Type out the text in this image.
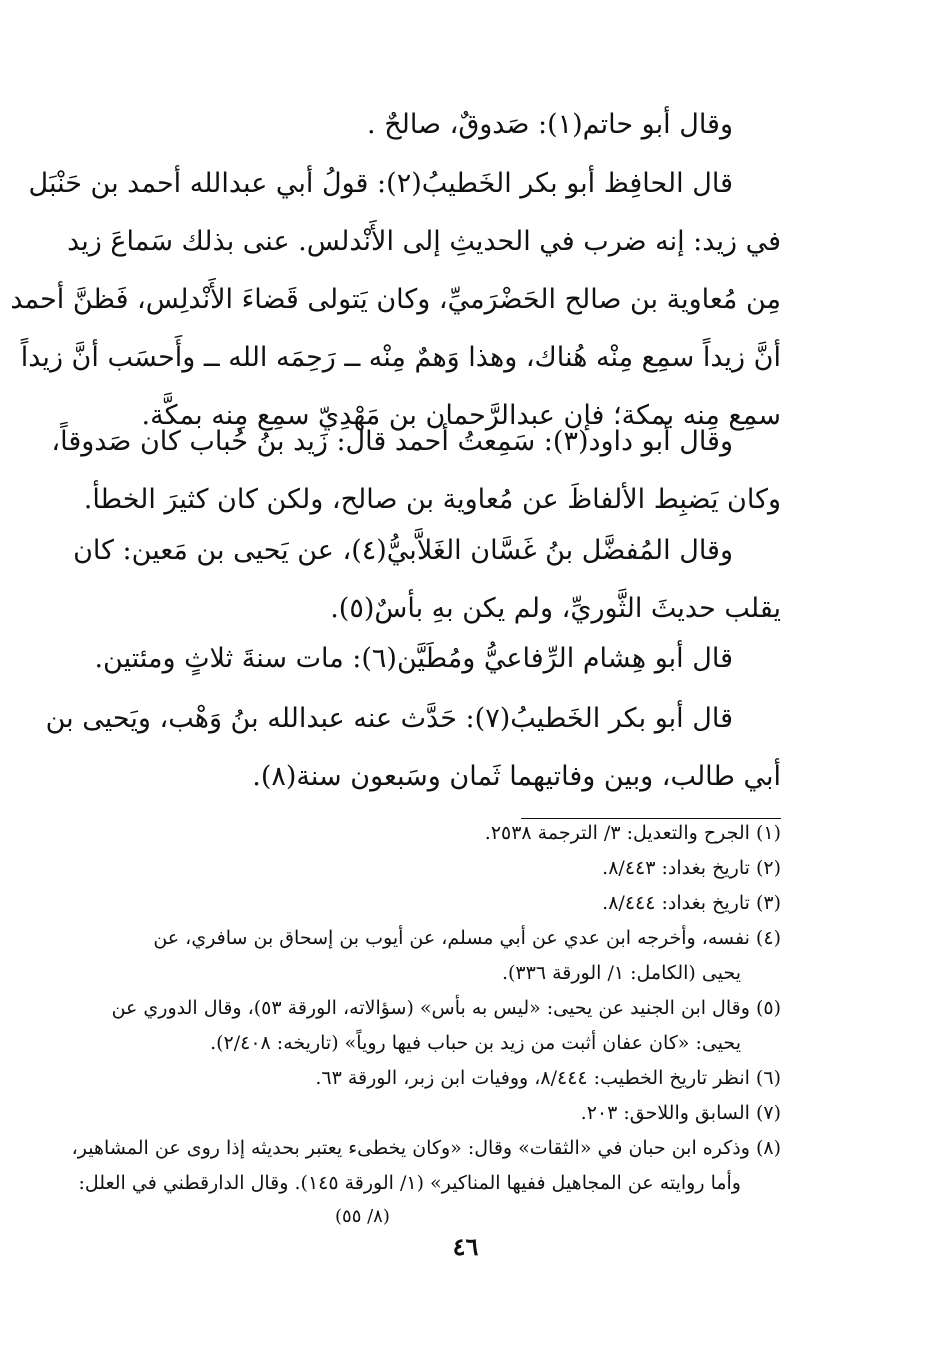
وقال أبو حاتم(١): صَدوقٌ، صالحٌ .
قال الحافِظ أبو بكر الخَطيبُ(٢): قولُ أبي عبدالله أحمد بن حَنْبَل
في زيد: إنه ضرب في الحديثِ إلى الأَنْدلس. عنى بذلك سَماعَ زيد
مِن مُعاوية بن صالح الحَضْرَميِّ، وكان يَتولى قَضاءَ الأَنْدلِس، فَظنَّ أحمد
أنَّ زيداً سمِع مِنْه هُناك، وهذا وَهمٌ مِنْه ــ رَحِمَه الله ــ وأَحسَب أنَّ زيداً
سمِع مِنه بمكة؛ فإن عبدالرَّحمان بن مَهْدِيّ سمِع مِنه بمكَّة.
وقال أبو داود(٣): سَمِعتُ أحمد قال: زَيد بنُ حُباب كان صَدوقاً،
وكان يَضبِط الألفاظَ عن مُعاوية بن صالح، ولكن كان كثيرَ الخطأ.
وقال المُفضَّل بنُ غَسَّان الغَلاَّبيُّ(٤)، عن يَحيى بن مَعين: كان
يقلب حديثَ الثَّوريِّ، ولم يكن بهِ بأسٌ(٥).
قال أبو هِشام الرِّفاعيُّ ومُطَيَّن(٦): مات سنةَ ثلاثٍ ومئتين.
قال أبو بكر الخَطيبُ(٧): حَدَّث عنه عبدالله بنُ وَهْب، ويَحيى بن
أبي طالب، وبين وفاتيهما ثَمان وسَبعون سنة(٨).
(١) الجرح والتعديل: ٣/ الترجمة ٢٥٣٨.
(٢) تاريخ بغداد: ٨/٤٤٣.
(٣) تاريخ بغداد: ٨/٤٤٤.
(٤) نفسه، وأخرجه ابن عدي عن أبي مسلم، عن أيوب بن إسحاق بن سافري، عن
يحيى (الكامل: ١/ الورقة ٣٣٦).
(٥) وقال ابن الجنيد عن يحيى: «ليس به بأس» (سؤالاته، الورقة ٥٣)، وقال الدوري عن
يحيى: «كان عفان أثبت من زيد بن حباب فيها روياً» (تاريخه: ٢/٤٠٨).
(٦) انظر تاريخ الخطيب: ٨/٤٤٤، ووفيات ابن زبر، الورقة ٦٣.
(٧) السابق واللاحق: ٢٠٣.
(٨) وذكره ابن حبان في «الثقات» وقال: «وكان يخطىء يعتبر بحديثه إذا روى عن المشاهير،
وأما روايته عن المجاهيل ففيها المناكير» (١/ الورقة ١٤٥). وقال الدارقطني في العلل:
(٨/ ٥٥)
٤٦
